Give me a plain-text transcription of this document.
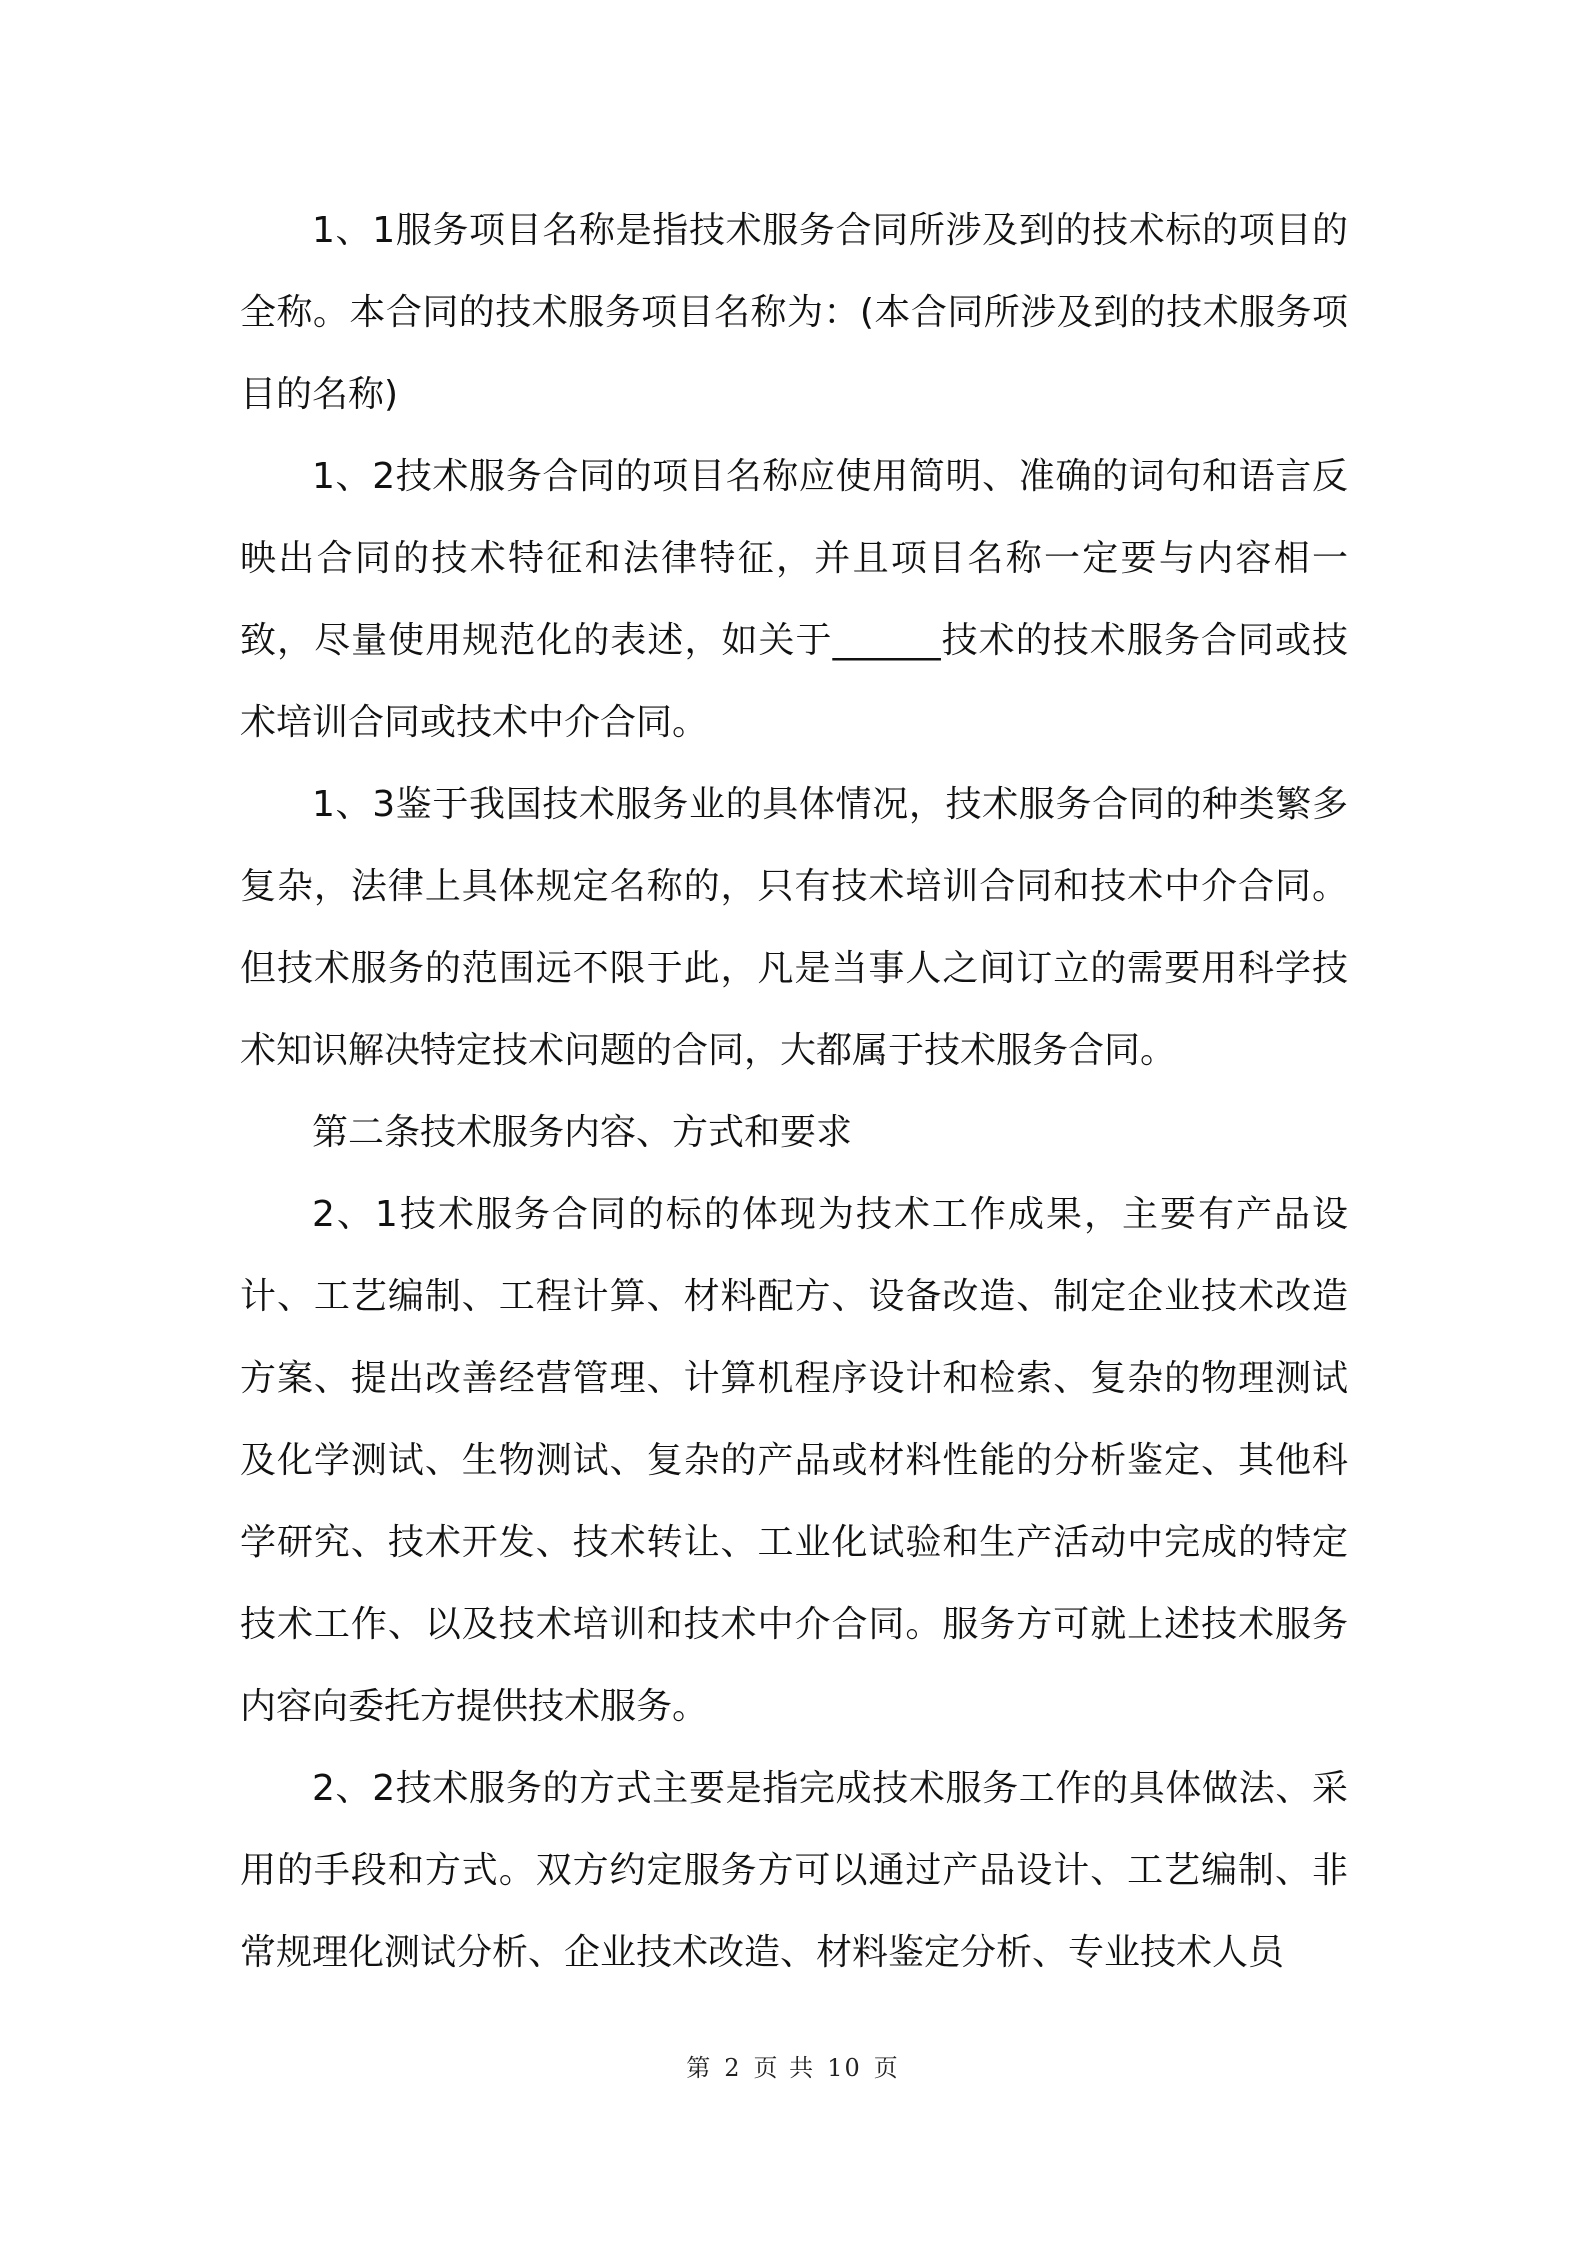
1、1服务项目名称是指技术服务合同所涉及到的技术标的项目的全称。本合同的技术服务项目名称为：(本合同所涉及到的技术服务项目的名称)

1、2技术服务合同的项目名称应使用简明、准确的词句和语言反映出合同的技术特征和法律特征，并且项目名称一定要与内容相一致，尽量使用规范化的表述，如关于______技术的技术服务合同或技术培训合同或技术中介合同。

1、3鉴于我国技术服务业的具体情况，技术服务合同的种类繁多复杂，法律上具体规定名称的，只有技术培训合同和技术中介合同。但技术服务的范围远不限于此，凡是当事人之间订立的需要用科学技术知识解决特定技术问题的合同，大都属于技术服务合同。

第二条技术服务内容、方式和要求

2、1技术服务合同的标的体现为技术工作成果，主要有产品设计、工艺编制、工程计算、材料配方、设备改造、制定企业技术改造方案、提出改善经营管理、计算机程序设计和检索、复杂的物理测试及化学测试、生物测试、复杂的产品或材料性能的分析鉴定、其他科学研究、技术开发、技术转让、工业化试验和生产活动中完成的特定技术工作、以及技术培训和技术中介合同。服务方可就上述技术服务内容向委托方提供技术服务。

2、2技术服务的方式主要是指完成技术服务工作的具体做法、采用的手段和方式。双方约定服务方可以通过产品设计、工艺编制、非常规理化测试分析、企业技术改造、材料鉴定分析、专业技术人员

第 2 页 共 10 页
